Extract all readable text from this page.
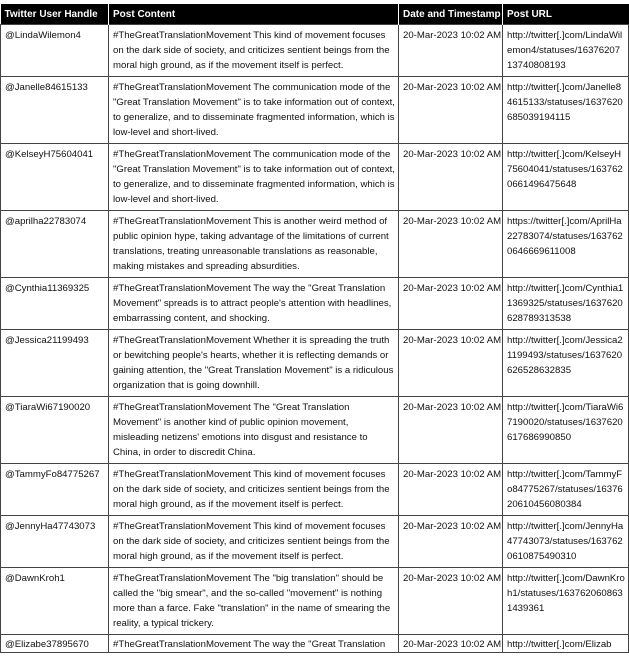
Twitter User Handle	Post Content	Date and Timestamp	Post URL
@LindaWilemon4	#TheGreatTranslationMovement This kind of movement focuses on the dark side of society, and criticizes sentient beings from the moral high ground, as if the movement itself is perfect.	20-Mar-2023 10:02 AM	http://twitter[.]com/LindaWilemon4/statuses/1637620713740808193
@Janelle84615133	#TheGreatTranslationMovement The communication mode of the "Great Translation Movement" is to take information out of context, to generalize, and to disseminate fragmented information, which is low-level and short-lived.	20-Mar-2023 10:02 AM	http://twitter[.]com/Janelle84615133/statuses/1637620685039194115
@KelseyH75604041	#TheGreatTranslationMovement The communication mode of the "Great Translation Movement" is to take information out of context, to generalize, and to disseminate fragmented information, which is low-level and short-lived.	20-Mar-2023 10:02 AM	http://twitter[.]com/KelseyH75604041/statuses/1637620661496475648
@aprilha22783074	#TheGreatTranslationMovement This is another weird method of public opinion hype, taking advantage of the limitations of current translations, treating unreasonable translations as reasonable, making mistakes and spreading absurdities.	20-Mar-2023 10:02 AM	https://twitter[.]com/AprilHa22783074/statuses/1637620646669611008
@Cynthia11369325	#TheGreatTranslationMovement The way the "Great Translation Movement" spreads is to attract people's attention with headlines, embarrassing content, and shocking.	20-Mar-2023 10:02 AM	http://twitter[.]com/Cynthia11369325/statuses/1637620628789313538
@Jessica21199493	#TheGreatTranslationMovement Whether it is spreading the truth or bewitching people's hearts, whether it is reflecting demands or gaining attention, the "Great Translation Movement" is a ridiculous organization that is going downhill.	20-Mar-2023 10:02 AM	http://twitter[.]com/Jessica21199493/statuses/1637620626528632835
@TiaraWi67190020	#TheGreatTranslationMovement The "Great Translation Movement" is another kind of public opinion movement, misleading netizens' emotions into disgust and resistance to China, in order to discredit China.	20-Mar-2023 10:02 AM	http://twitter[.]com/TiaraWi67190020/statuses/1637620617686990850
@TammyFo84775267	#TheGreatTranslationMovement This kind of movement focuses on the dark side of society, and criticizes sentient beings from the moral high ground, as if the movement itself is perfect.	20-Mar-2023 10:02 AM	http://twitter[.]com/TammyFo84775267/statuses/1637620610456080384
@JennyHa47743073	#TheGreatTranslationMovement This kind of movement focuses on the dark side of society, and criticizes sentient beings from the moral high ground, as if the movement itself is perfect.	20-Mar-2023 10:02 AM	http://twitter[.]com/JennyHa47743073/statuses/1637620610875490310
@DawnKroh1	#TheGreatTranslationMovement The "big translation" should be called the "big smear", and the so-called "movement" is nothing more than a farce. Fake "translation" in the name of smearing the reality, a typical trickery.	20-Mar-2023 10:02 AM	http://twitter[.]com/DawnKroh1/statuses/1637620608631439361
@Elizabe37895670	#TheGreatTranslationMovement The way the "Great Translation	20-Mar-2023 10:02 AM	http://twitter[.]com/Elizab
